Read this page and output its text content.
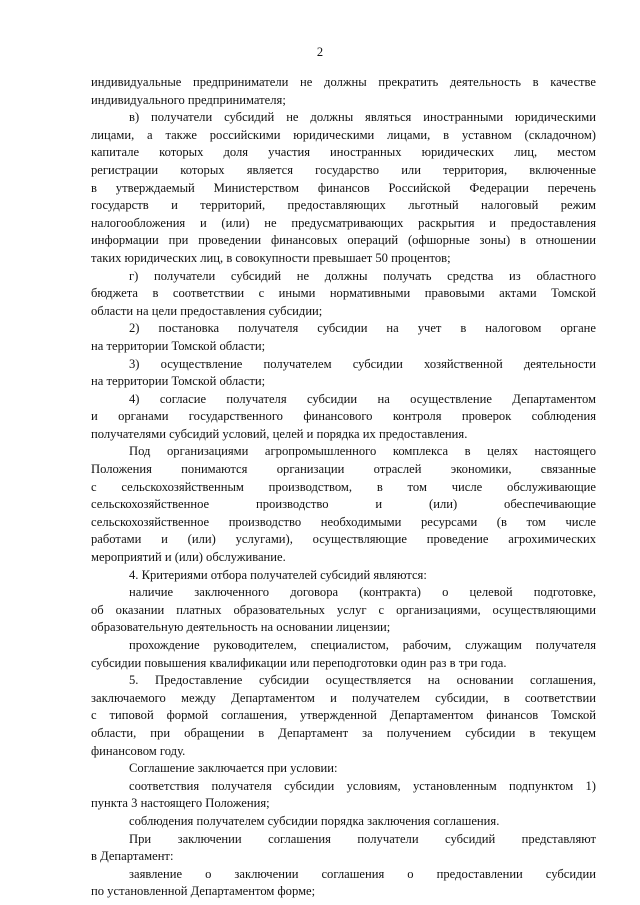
2
индивидуальные предприниматели не должны прекратить деятельность в качестве
индивидуального предпринимателя;
в) получатели субсидий не должны являться иностранными юридическими
лицами, а также российскими юридическими лицами, в уставном (складочном)
капитале которых доля участия иностранных юридических лиц, местом
регистрации которых является государство или территория, включенные
в утверждаемый Министерством финансов Российской Федерации перечень
государств и территорий, предоставляющих льготный налоговый режим
налогообложения и (или) не предусматривающих раскрытия и предоставления
информации при проведении финансовых операций (офшорные зоны) в отношении
таких юридических лиц, в совокупности превышает 50 процентов;
г) получатели субсидий не должны получать средства из областного
бюджета в соответствии с иными нормативными правовыми актами Томской
области на цели предоставления субсидии;
2) постановка получателя субсидии на учет в налоговом органе
на территории Томской области;
3) осуществление получателем субсидии хозяйственной деятельности
на территории Томской области;
4) согласие получателя субсидии на осуществление Департаментом
и органами государственного финансового контроля проверок соблюдения
получателями субсидий условий, целей и порядка их предоставления.
Под организациями агропромышленного комплекса в целях настоящего
Положения понимаются организации отраслей экономики, связанные
с сельскохозяйственным производством, в том числе обслуживающие
сельскохозяйственное производство и (или) обеспечивающие
сельскохозяйственное производство необходимыми ресурсами (в том числе
работами и (или) услугами), осуществляющие проведение агрохимических
мероприятий и (или) обслуживание.
4. Критериями отбора получателей субсидий являются:
наличие заключенного договора (контракта) о целевой подготовке,
об оказании платных образовательных услуг с организациями, осуществляющими
образовательную деятельность на основании лицензии;
прохождение руководителем, специалистом, рабочим, служащим получателя
субсидии повышения квалификации или переподготовки один раз в три года.
5. Предоставление субсидии осуществляется на основании соглашения,
заключаемого между Департаментом и получателем субсидии, в соответствии
с типовой формой соглашения, утвержденной Департаментом финансов Томской
области, при обращении в Департамент за получением субсидии в текущем
финансовом году.
Соглашение заключается при условии:
соответствия получателя субсидии условиям, установленным подпунктом 1)
пункта 3 настоящего Положения;
соблюдения получателем субсидии порядка заключения соглашения.
При заключении соглашения получатели субсидий представляют
в Департамент:
заявление о заключении соглашения о предоставлении субсидии
по установленной Департаментом форме;
